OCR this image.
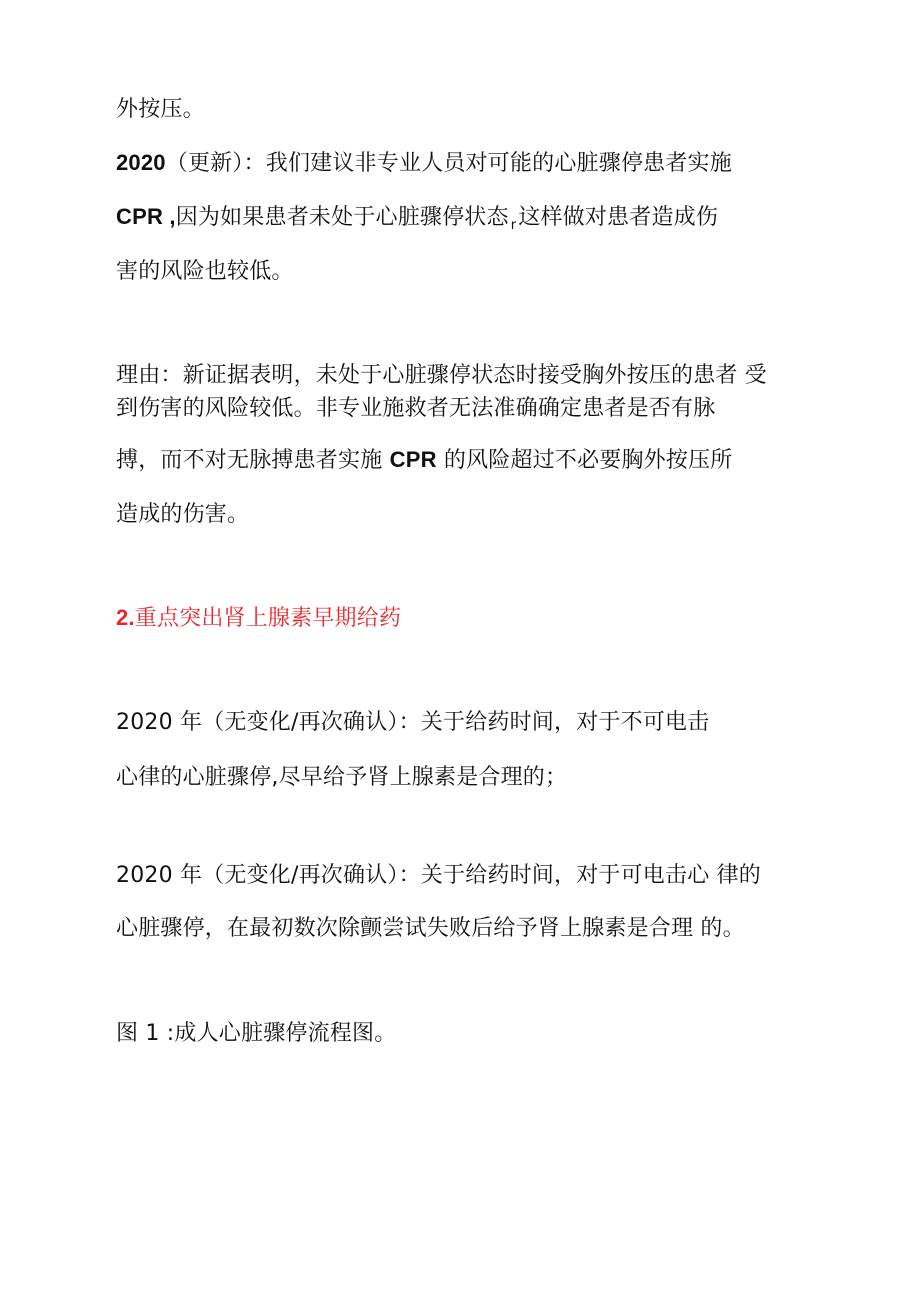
外按压。
2020（更新）：我们建议非专业人员对可能的心脏骤停患者实施
CPR ,因为如果患者未处于心脏骤停状态 $_r$这样做对患者造成伤
害的风险也较低。
理由：新证据表明，未处于心脏骤停状态时接受胸外按压的患者 受
到伤害的风险较低。非专业施救者无法准确确定患者是否有脉
搏，而不对无脉搏患者实施 CPR 的风险超过不必要胸外按压所
造成的伤害。
2.重点突出肾上腺素早期给药
2020 年（无变化/再次确认）：关于给药时间，对于不可电击
心律的心脏骤停,尽早给予肾上腺素是合理的；
2020 年（无变化/再次确认）：关于给药时间，对于可电击心 律的
心脏骤停，在最初数次除颤尝试失败后给予肾上腺素是合理 的。
图 1 :成人心脏骤停流程图。
